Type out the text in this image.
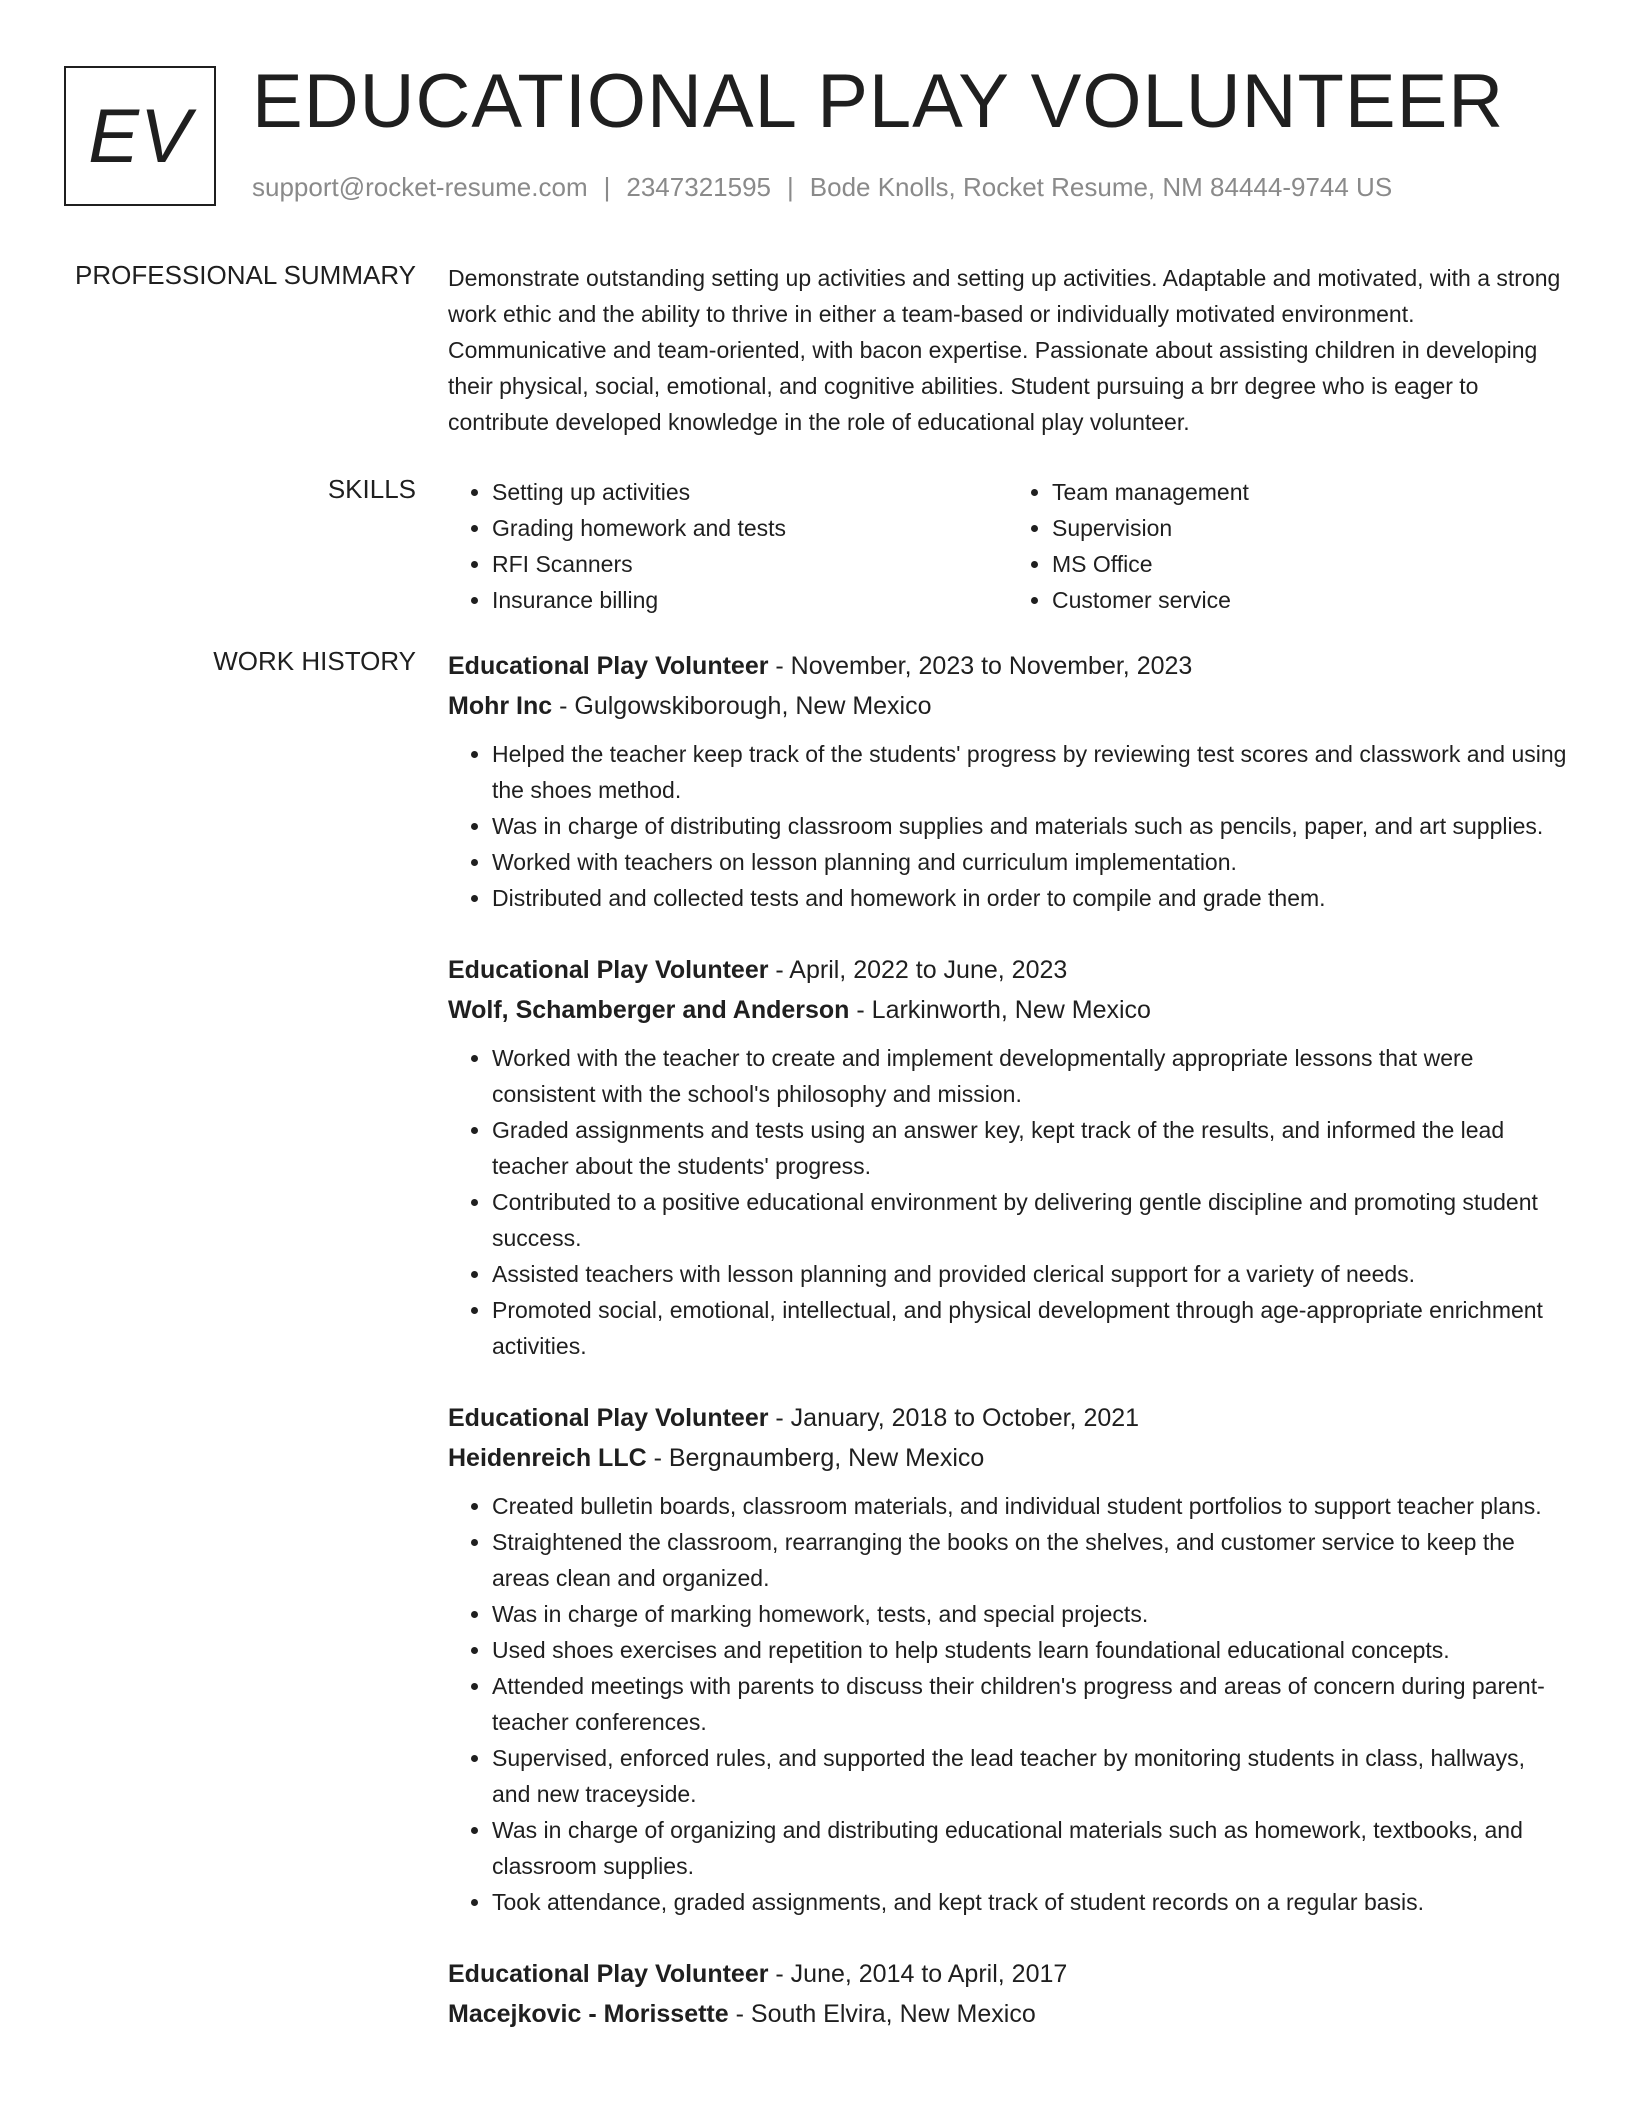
EV EDUCATIONAL PLAY VOLUNTEER
support@rocket-resume.com | 2347321595 | Bode Knolls, Rocket Resume, NM 84444-9744 US
PROFESSIONAL SUMMARY Demonstrate outstanding setting up activities and setting up activities. Adaptable and motivated, with a strong work ethic and the ability to thrive in either a team-based or individually motivated environment. Communicative and team-oriented, with bacon expertise. Passionate about assisting children in developing their physical, social, emotional, and cognitive abilities. Student pursuing a brr degree who is eager to contribute developed knowledge in the role of educational play volunteer.

SKILLS
•	Setting up activities
• Grading homework and tests
• RFI Scanners
• Insurance billing
• Team management
• Supervision
• MS Office
• Customer service
WORK HISTORY Educational Play Volunteer - November, 2023 to November, 2023
Mohr Inc - Gulgowskiborough, New Mexico
• Helped the teacher keep track of the students' progress by reviewing test scores and classwork and using the shoes method.
• Was in charge of distributing classroom supplies and materials such as pencils, paper, and art supplies.
• Worked with teachers on lesson planning and curriculum implementation.
• Distributed and collected tests and homework in order to compile and grade them.
Educational Play Volunteer - April, 2022 to June, 2023
Wolf, Schamberger and Anderson - Larkinworth, New Mexico
• Worked with the teacher to create and implement developmentally appropriate lessons that were consistent with the school's philosophy and mission.
• Graded assignments and tests using an answer key, kept track of the results, and informed the lead teacher about the students' progress.
• Contributed to a positive educational environment by delivering gentle discipline and promoting student success.
• Assisted teachers with lesson planning and provided clerical support for a variety of needs.
• Promoted social, emotional, intellectual, and physical development through age-appropriate enrichment activities.
Educational Play Volunteer - January, 2018 to October, 2021
Heidenreich LLC - Bergnaumberg, New Mexico
• Created bulletin boards, classroom materials, and individual student portfolios to support teacher plans.
• Straightened the classroom, rearranging the books on the shelves, and customer service to keep the areas clean and organized.
• Was in charge of marking homework, tests, and special projects.
• Used shoes exercises and repetition to help students learn foundational educational concepts.
• Attended meetings with parents to discuss their children's progress and areas of concern during parent-teacher conferences.
• Supervised, enforced rules, and supported the lead teacher by monitoring students in class, hallways, and new traceyside.
• Was in charge of organizing and distributing educational materials such as homework, textbooks, and classroom supplies.
• Took attendance, graded assignments, and kept track of student records on a regular basis.
Educational Play Volunteer - June, 2014 to April, 2017
Macejkovic - Morissette - South Elvira, New Mexico
